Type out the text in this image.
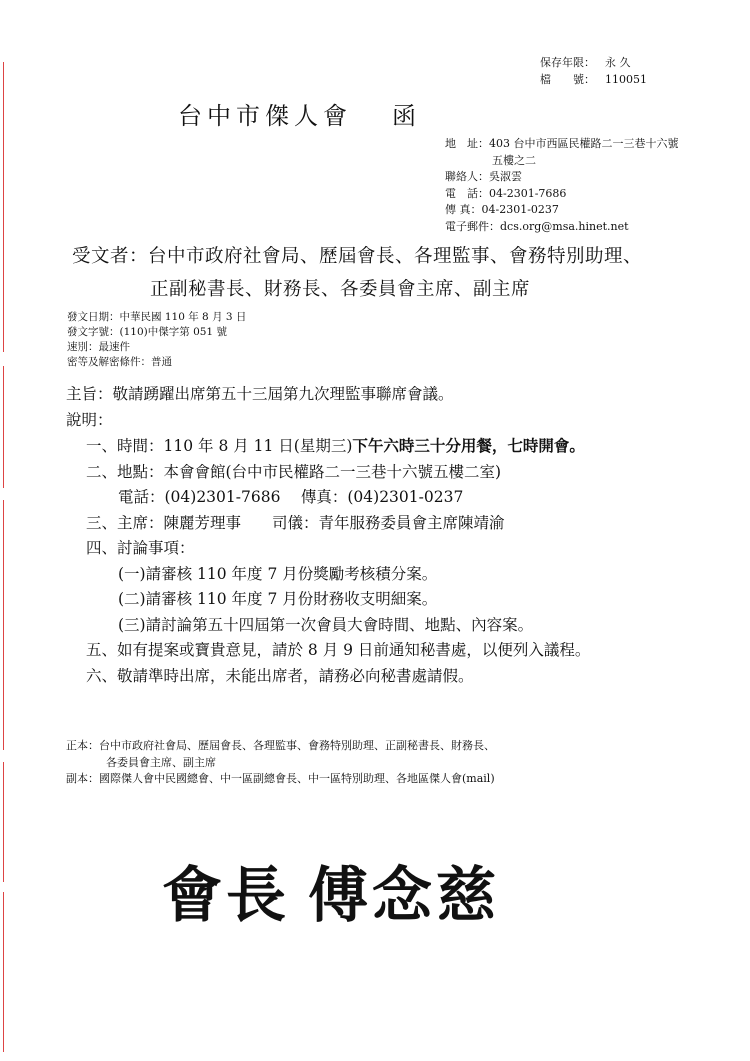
保存年限： 永 久
檔　　號： 110051
台中市傑人會 函
地　址：403 台中市西區民權路二一三巷十六號
五樓之二
聯絡人：吳淑雲
電　話：04-2301-7686
傳 真：04-2301-0237
電子郵件：dcs.org@msa.hinet.net
受文者：台中市政府社會局、歷屆會長、各理監事、會務特別助理、
正副秘書長、財務長、各委員會主席、副主席
發文日期：中華民國 110 年 8 月 3 日
發文字號：(110)中傑字第 051 號
速別：最速件
密等及解密條件：普通
主旨：敬請踴躍出席第五十三屆第九次理監事聯席會議。
說明：
一、時間：110 年 8 月 11 日(星期三)下午六時三十分用餐，七時開會。
二、地點：本會會館(台中市民權路二一三巷十六號五樓二室)
電話：(04)2301-7686　 傳真：(04)2301-0237
三、主席：陳麗芳理事　　司儀：青年服務委員會主席陳靖渝
四、討論事項：
(一)請審核 110 年度 7 月份獎勵考核積分案。
(二)請審核 110 年度 7 月份財務收支明細案。
(三)請討論第五十四屆第一次會員大會時間、地點、內容案。
五、如有提案或寶貴意見，請於 8 月 9 日前通知秘書處，以便列入議程。
六、敬請準時出席，未能出席者，請務必向秘書處請假。
正本：台中市政府社會局、歷屆會長、各理監事、會務特別助理、正副秘書長、財務長、
各委員會主席、副主席
副本：國際傑人會中民國總會、中一區副總會長、中一區特別助理、各地區傑人會(mail)
會長 傅念慈
